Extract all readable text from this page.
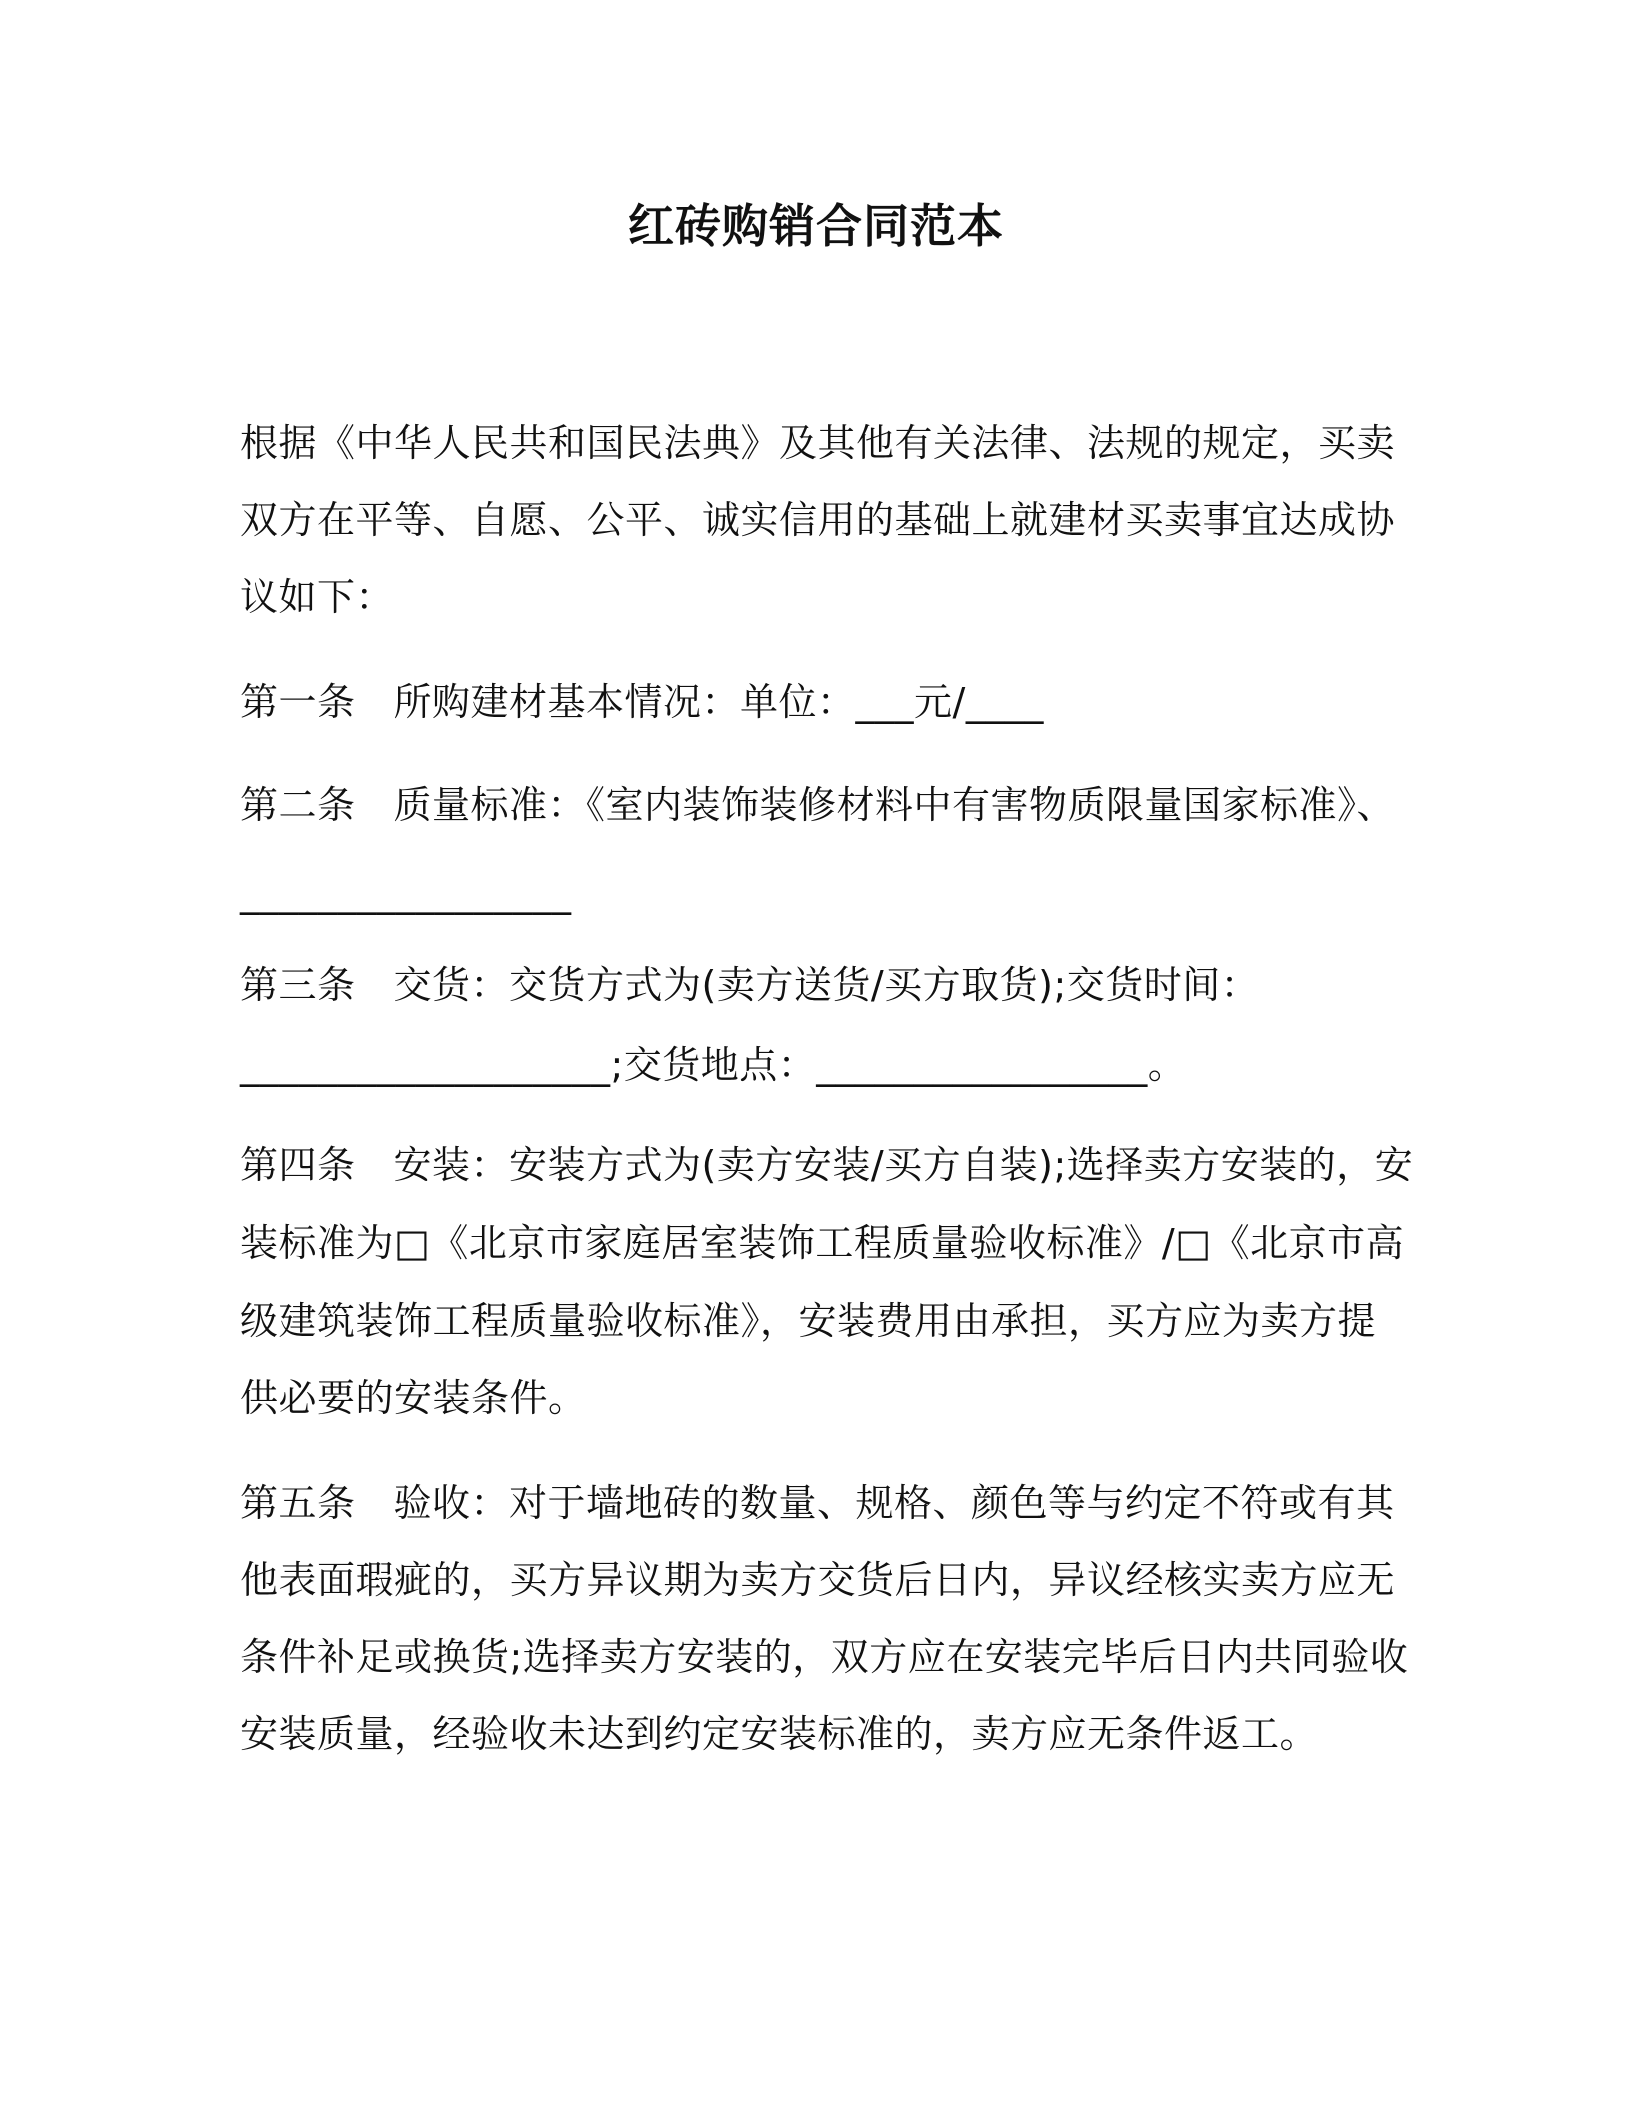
红砖购销合同范本
根据《中华人民共和国民法典》及其他有关法律、法规的规定，买卖
双方在平等、自愿、公平、诚实信用的基础上就建材买卖事宜达成协
议如下：
第一条 所购建材基本情况：单位：___元/____
第二条 质量标准：《室内装饰装修材料中有害物质限量国家标准》、
_________________
第三条 交货：交货方式为(卖方送货/买方取货);交货时间：
___________________;交货地点：_________________。
第四条 安装：安装方式为(卖方安装/买方自装);选择卖方安装的，安
装标准为□《北京市家庭居室装饰工程质量验收标准》/□《北京市高
级建筑装饰工程质量验收标准》，安装费用由承担，买方应为卖方提
供必要的安装条件。
第五条 验收：对于墙地砖的数量、规格、颜色等与约定不符或有其
他表面瑕疵的，买方异议期为卖方交货后日内，异议经核实卖方应无
条件补足或换货;选择卖方安装的，双方应在安装完毕后日内共同验收
安装质量，经验收未达到约定安装标准的，卖方应无条件返工。
